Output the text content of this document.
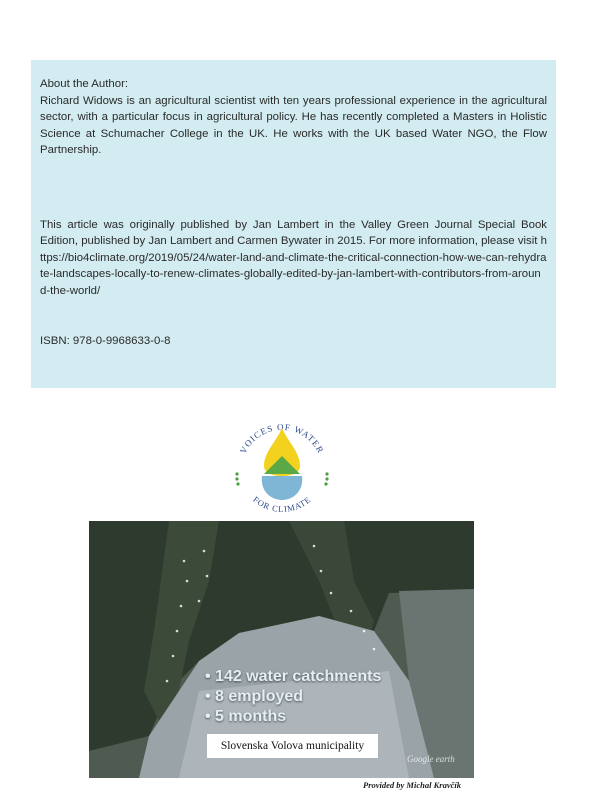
About the Author:

Richard Widows is an agricultural scientist with ten years professional experience in the agricultural sector, with a particular focus in agricultural policy. He has recently completed a Masters in Holistic Science at Schumacher College in the UK. He works with the UK based Water NGO, the Flow Partnership.

This article was originally published by Jan Lambert in the Valley Green Journal Special Book Edition, published by Jan Lambert and Carmen Bywater in 2015. For more information, please visit https://bio4climate.org/2019/05/24/water-land-and-climate-the-critical-connection-how-we-can-rehydrate-landscapes-locally-to-renew-climates-globally-edited-by-jan-lambert-with-contributors-from-around-the-world/

ISBN: 978-0-9968633-0-8

VOICES OF WATER
FOR CLIMATE
• 142 water catchments
• 8 employed
• 5 months
Slovenska Volova municipality
Google earth
Provided by Michal Kravčík
